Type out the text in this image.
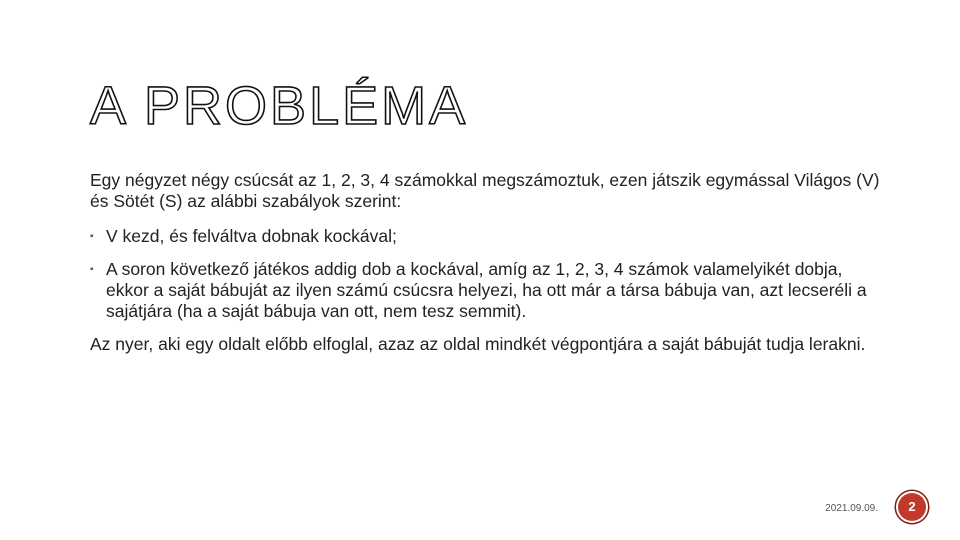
A PROBLÉMA

Egy négyzet négy csúcsát az 1, 2, 3, 4 számokkal megszámoztuk, ezen játszik egymással Világos (V) és Sötét (S) az alábbi szabályok szerint:

▪ V kezd, és felváltva dobnak kockával;
▪ A soron következő játékos addig dob a kockával, amíg az 1, 2, 3, 4 számok valamelyikét dobja, ekkor a saját bábuját az ilyen számú csúcsra helyezi, ha ott már a társa bábuja van, azt lecseréli a sajátjára (ha a saját bábuja van ott, nem tesz semmit).

Az nyer, aki egy oldalt előbb elfoglal, azaz az oldal mindkét végpontjára a saját bábuját tudja lerakni.

2021.09.09.	2
